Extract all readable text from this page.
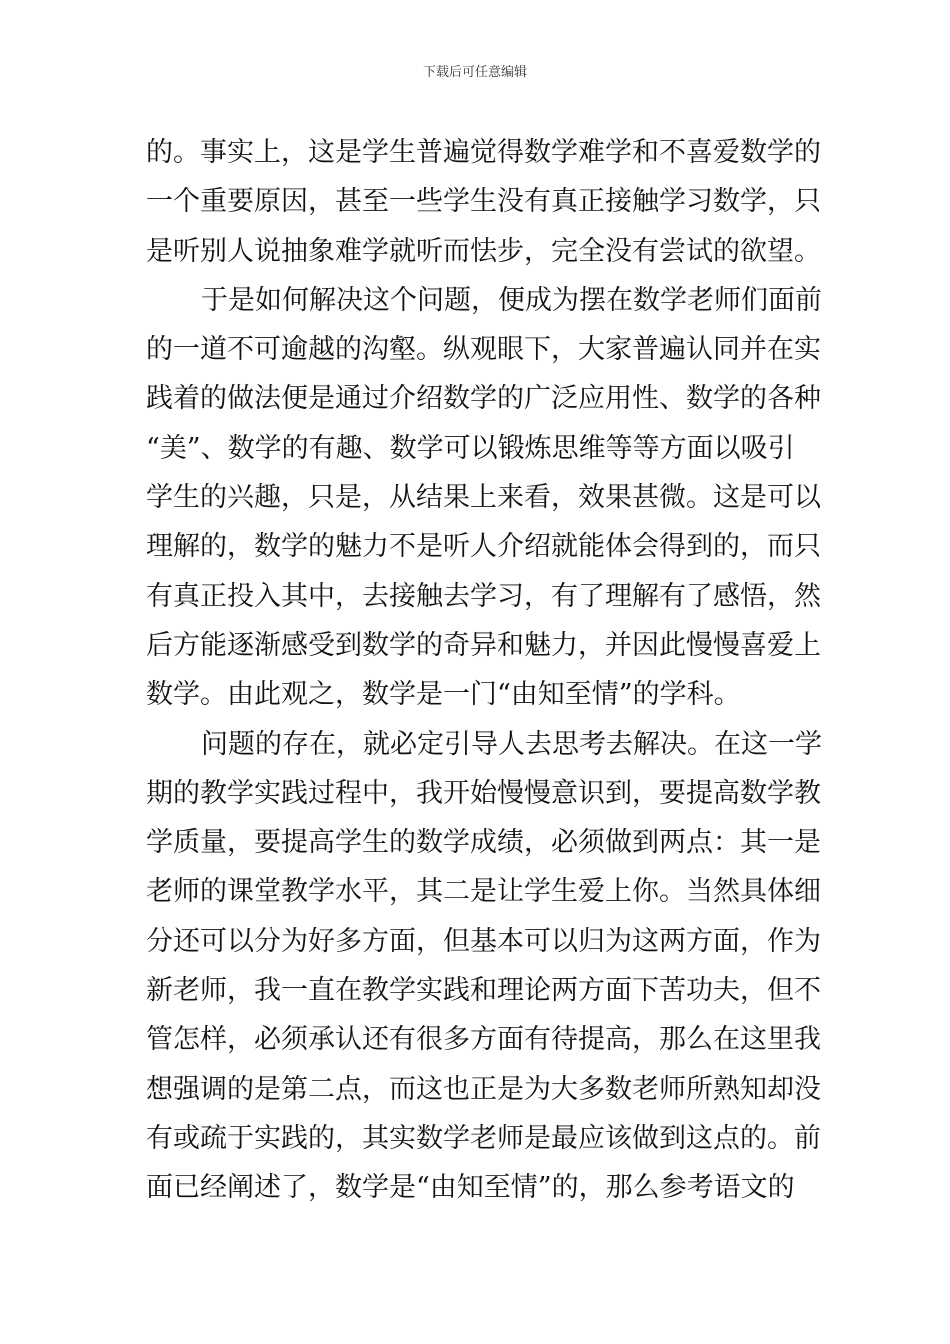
下载后可任意编辑
的。事实上，这是学生普遍觉得数学难学和不喜爱数学的
一个重要原因，甚至一些学生没有真正接触学习数学，只
是听别人说抽象难学就听而怯步，完全没有尝试的欲望。
于是如何解决这个问题，便成为摆在数学老师们面前
的一道不可逾越的沟壑。纵观眼下，大家普遍认同并在实
践着的做法便是通过介绍数学的广泛应用性、数学的各种
“美”、数学的有趣、数学可以锻炼思维等等方面以吸引
学生的兴趣，只是，从结果上来看，效果甚微。这是可以
理解的，数学的魅力不是听人介绍就能体会得到的，而只
有真正投入其中，去接触去学习，有了理解有了感悟，然
后方能逐渐感受到数学的奇异和魅力，并因此慢慢喜爱上
数学。由此观之，数学是一门“由知至情”的学科。
问题的存在，就必定引导人去思考去解决。在这一学
期的教学实践过程中，我开始慢慢意识到，要提高数学教
学质量，要提高学生的数学成绩，必须做到两点：其一是
老师的课堂教学水平，其二是让学生爱上你。当然具体细
分还可以分为好多方面，但基本可以归为这两方面，作为
新老师，我一直在教学实践和理论两方面下苦功夫，但不
管怎样，必须承认还有很多方面有待提高，那么在这里我
想强调的是第二点，而这也正是为大多数老师所熟知却没
有或疏于实践的，其实数学老师是最应该做到这点的。前
面已经阐述了，数学是“由知至情”的，那么参考语文的
